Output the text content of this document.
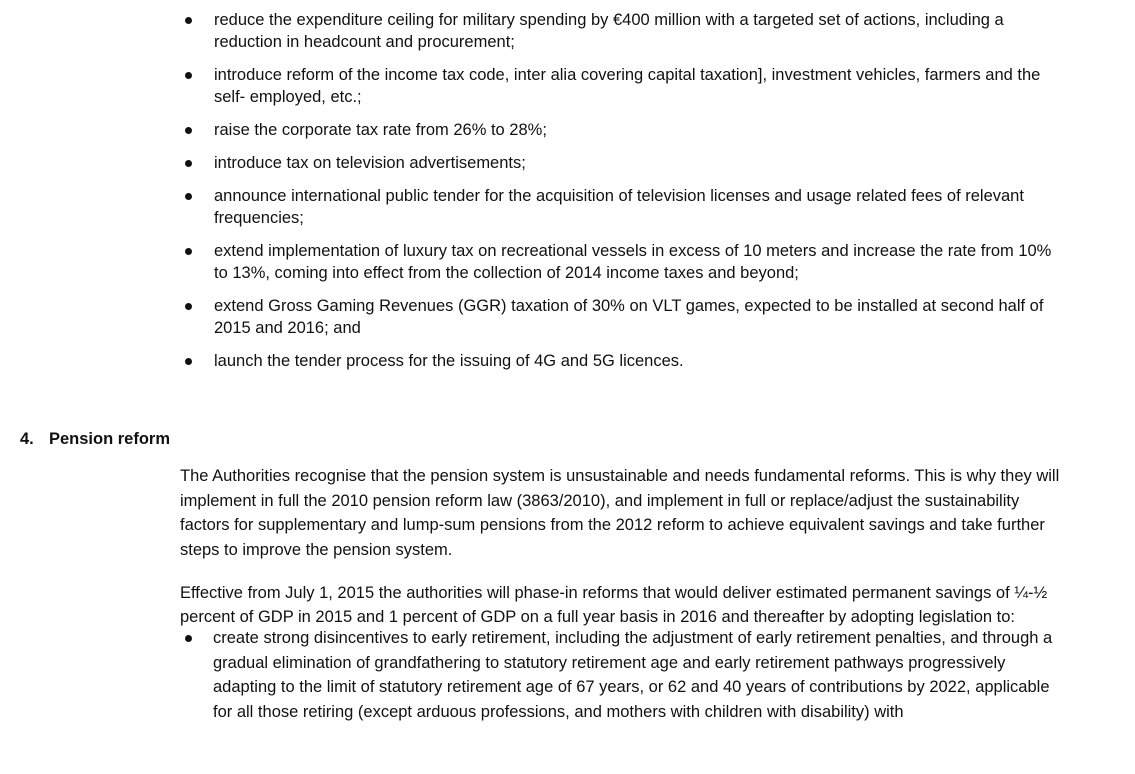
reduce the expenditure ceiling for military spending by €400 million with a targeted set of actions, including a reduction in headcount and procurement;
introduce reform of the income tax code, inter alia covering capital taxation], investment vehicles, farmers and the self- employed, etc.;
raise the corporate tax rate from 26% to 28%;
introduce tax on television advertisements;
announce international public tender for the acquisition of television licenses and usage related fees of relevant frequencies;
extend implementation of luxury tax on recreational vessels in excess of 10 meters and increase the rate from 10% to 13%, coming into effect from the collection of 2014 income taxes and beyond;
extend Gross Gaming Revenues (GGR) taxation of 30% on VLT games, expected to be installed at second half of 2015 and 2016; and
launch the tender process for the issuing of 4G and 5G licences.
4. Pension reform

The Authorities recognise that the pension system is unsustainable and needs fundamental reforms. This is why they will implement in full the 2010 pension reform law (3863/2010), and implement in full or replace/adjust the sustainability factors for supplementary and lump-sum pensions from the 2012 reform to achieve equivalent savings and take further steps to improve the pension system.

Effective from July 1, 2015 the authorities will phase-in reforms that would deliver estimated permanent savings of ¼-½ percent of GDP in 2015 and 1 percent of GDP on a full year basis in 2016 and thereafter by adopting legislation to:

create strong disincentives to early retirement, including the adjustment of early retirement penalties, and through a gradual elimination of grandfathering to statutory retirement age and early retirement pathways progressively adapting to the limit of statutory retirement age of 67 years, or 62 and 40 years of contributions by 2022, applicable for all those retiring (except arduous professions, and mothers with children with disability) with
